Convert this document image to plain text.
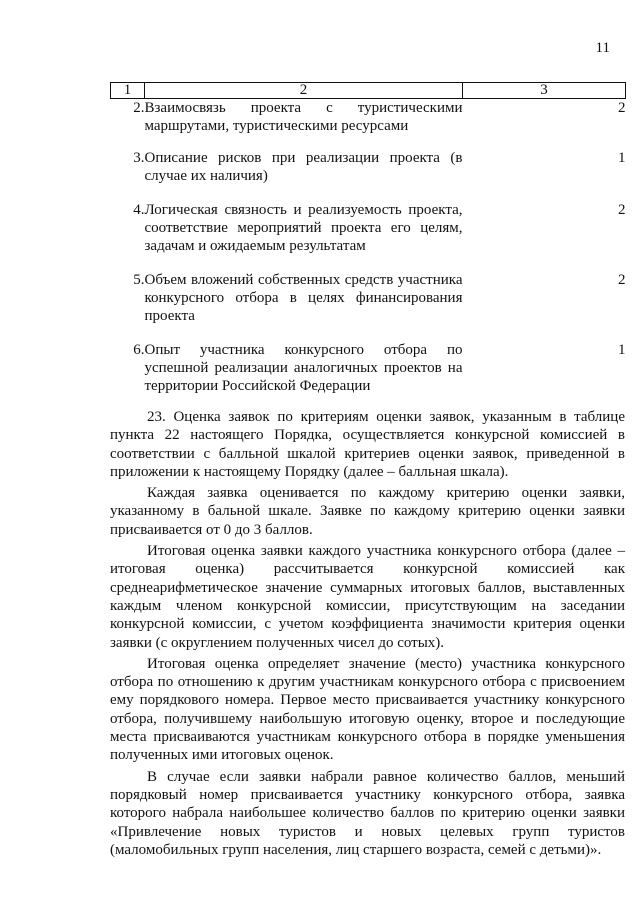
11
1	2	3
2.	Взаимосвязь проекта с туристическими маршрутами, туристическими ресурсами	2
3.	Описание рисков при реализации проекта (в случае их наличия)	1
4.	Логическая связность и реализуемость проекта, соответствие мероприятий проекта его целям, задачам и ожидаемым результатам	2
5.	Объем вложений собственных средств участника конкурсного отбора в целях финансирования проекта	2
6.	Опыт участника конкурсного отбора по успешной реализации аналогичных проектов на территории Российской Федерации	1

23. Оценка заявок по критериям оценки заявок, указанным в таблице пункта 22 настоящего Порядка, осуществляется конкурсной комиссией в соответствии с балльной шкалой критериев оценки заявок, приведенной в приложении к настоящему Порядку (далее – балльная шкала).

Каждая заявка оценивается по каждому критерию оценки заявки, указанному в бальной шкале. Заявке по каждому критерию оценки заявки присваивается от 0 до 3 баллов.

Итоговая оценка заявки каждого участника конкурсного отбора (далее – итоговая оценка) рассчитывается конкурсной комиссией как среднеарифметическое значение суммарных итоговых баллов, выставленных каждым членом конкурсной комиссии, присутствующим на заседании конкурсной комиссии, с учетом коэффициента значимости критерия оценки заявки (с округлением полученных чисел до сотых).

Итоговая оценка определяет значение (место) участника конкурсного отбора по отношению к другим участникам конкурсного отбора с присвоением ему порядкового номера. Первое место присваивается участнику конкурсного отбора, получившему наибольшую итоговую оценку, второе и последующие места присваиваются участникам конкурсного отбора в порядке уменьшения полученных ими итоговых оценок.

В случае если заявки набрали равное количество баллов, меньший порядковый номер присваивается участнику конкурсного отбора, заявка которого набрала наибольшее количество баллов по критерию оценки заявки «Привлечение новых туристов и новых целевых групп туристов (маломобильных групп населения, лиц старшего возраста, семей с детьми)».
